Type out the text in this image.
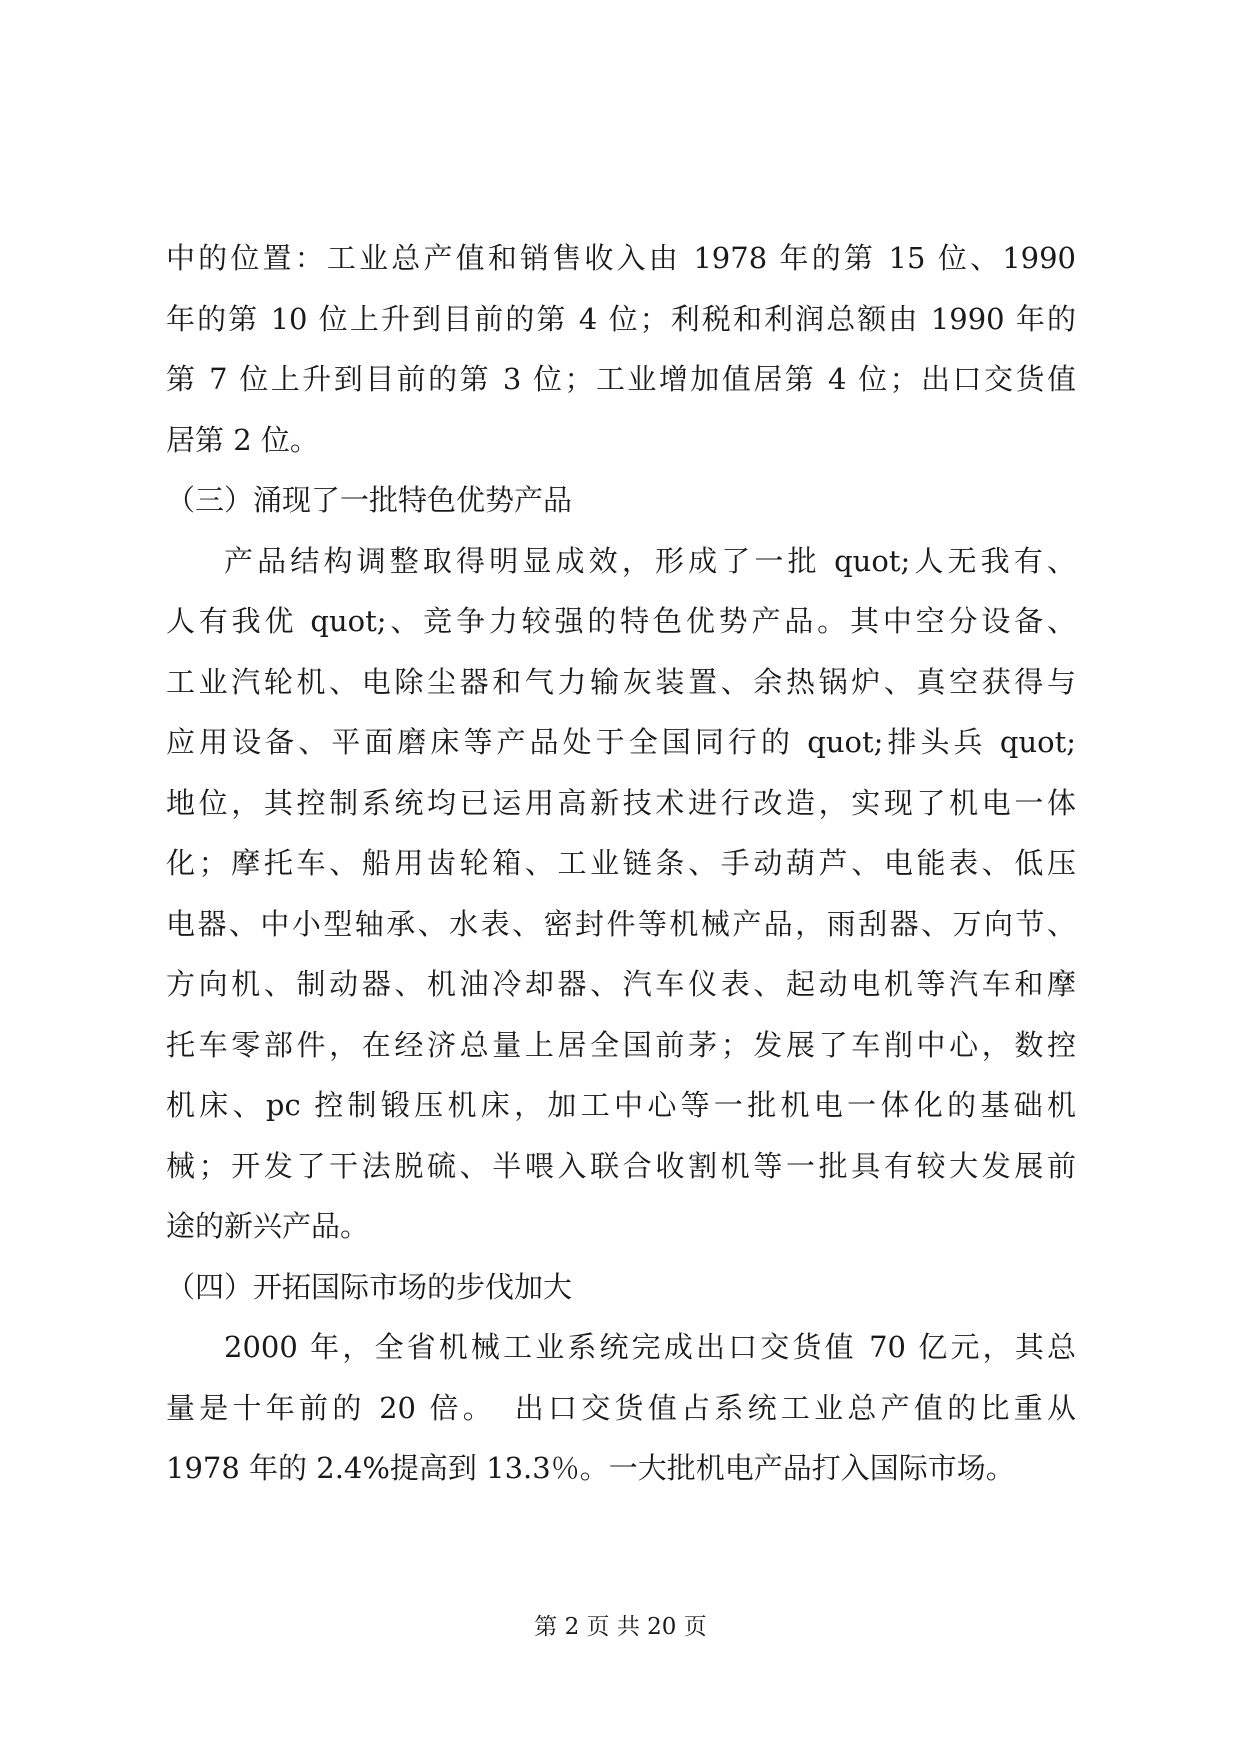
中的位置：工业总产值和销售收入由 1978 年的第 15 位、1990
年的第 10 位上升到目前的第 4 位；利税和利润总额由 1990 年的
第 7 位上升到目前的第 3 位；工业增加值居第 4 位；出口交货值
居第 2 位。

（三）涌现了一批特色优势产品

产品结构调整取得明显成效，形成了一批 quot;人无我有、
人有我优 quot;、竞争力较强的特色优势产品。其中空分设备、
工业汽轮机、电除尘器和气力输灰装置、余热锅炉、真空获得与
应用设备、平面磨床等产品处于全国同行的 quot;排头兵 quot;
地位，其控制系统均已运用高新技术进行改造，实现了机电一体
化；摩托车、船用齿轮箱、工业链条、手动葫芦、电能表、低压
电器、中小型轴承、水表、密封件等机械产品，雨刮器、万向节、
方向机、制动器、机油冷却器、汽车仪表、起动电机等汽车和摩
托车零部件，在经济总量上居全国前茅；发展了车削中心，数控
机床、pc 控制锻压机床，加工中心等一批机电一体化的基础机
械；开发了干法脱硫、半喂入联合收割机等一批具有较大发展前
途的新兴产品。

（四）开拓国际市场的步伐加大

2000 年，全省机械工业系统完成出口交货值 70 亿元，其总
量是十年前的 20 倍。　出口交货值占系统工业总产值的比重从
1978 年的 2.4%提高到 13.3％。一大批机电产品打入国际市场。

第 2 页 共 20 页
